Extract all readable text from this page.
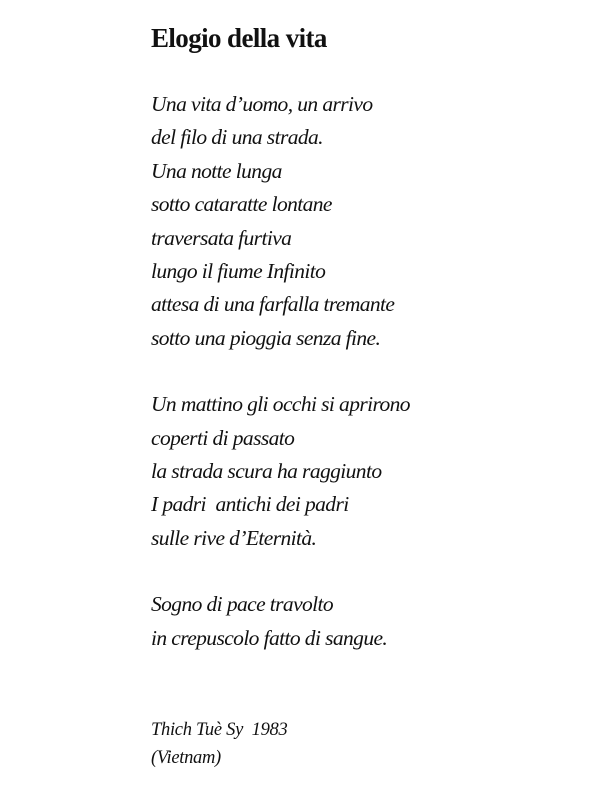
Elogio della vita
Una vita d’uomo, un arrivo
del filo di una strada.
Una notte lunga
sotto cataratte lontane
traversata furtiva
lungo il fiume Infinito
attesa di una farfalla tremante
sotto una pioggia senza fine.
Un mattino gli occhi si aprirono
coperti di passato
la strada scura ha raggiunto
I padri  antichi dei padri
sulle rive d’Eternità.
Sogno di pace travolto
in crepuscolo fatto di sangue.
Thich Tuè Sy  1983
(Vietnam)
